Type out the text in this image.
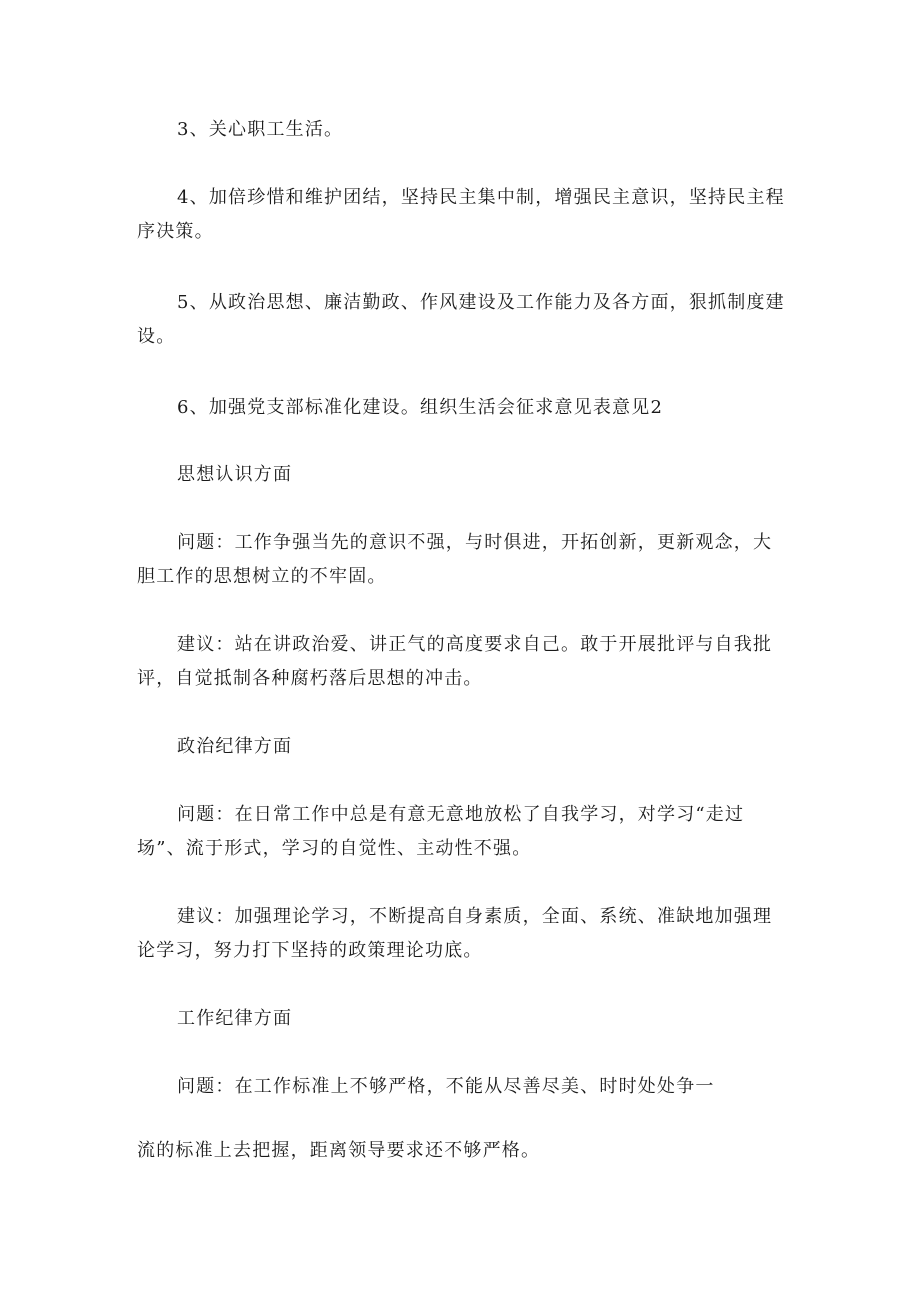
3、关心职工生活。

4、加倍珍惜和维护团结，坚持民主集中制，增强民主意识，坚持民主程序决策。

5、从政治思想、廉洁勤政、作风建设及工作能力及各方面，狠抓制度建设。

6、加强党支部标准化建设。组织生活会征求意见表意见2

思想认识方面

问题：工作争强当先的意识不强，与时俱进，开拓创新，更新观念，大胆工作的思想树立的不牢固。

建议：站在讲政治爱、讲正气的高度要求自己。敢于开展批评与自我批评，自觉抵制各种腐朽落后思想的冲击。

政治纪律方面

问题：在日常工作中总是有意无意地放松了自我学习，对学习“走过场”、流于形式，学习的自觉性、主动性不强。

建议：加强理论学习，不断提高自身素质，全面、系统、准缺地加强理论学习，努力打下坚持的政策理论功底。

工作纪律方面

问题：在工作标准上不够严格，不能从尽善尽美、时时处处争一

流的标准上去把握，距离领导要求还不够严格。
